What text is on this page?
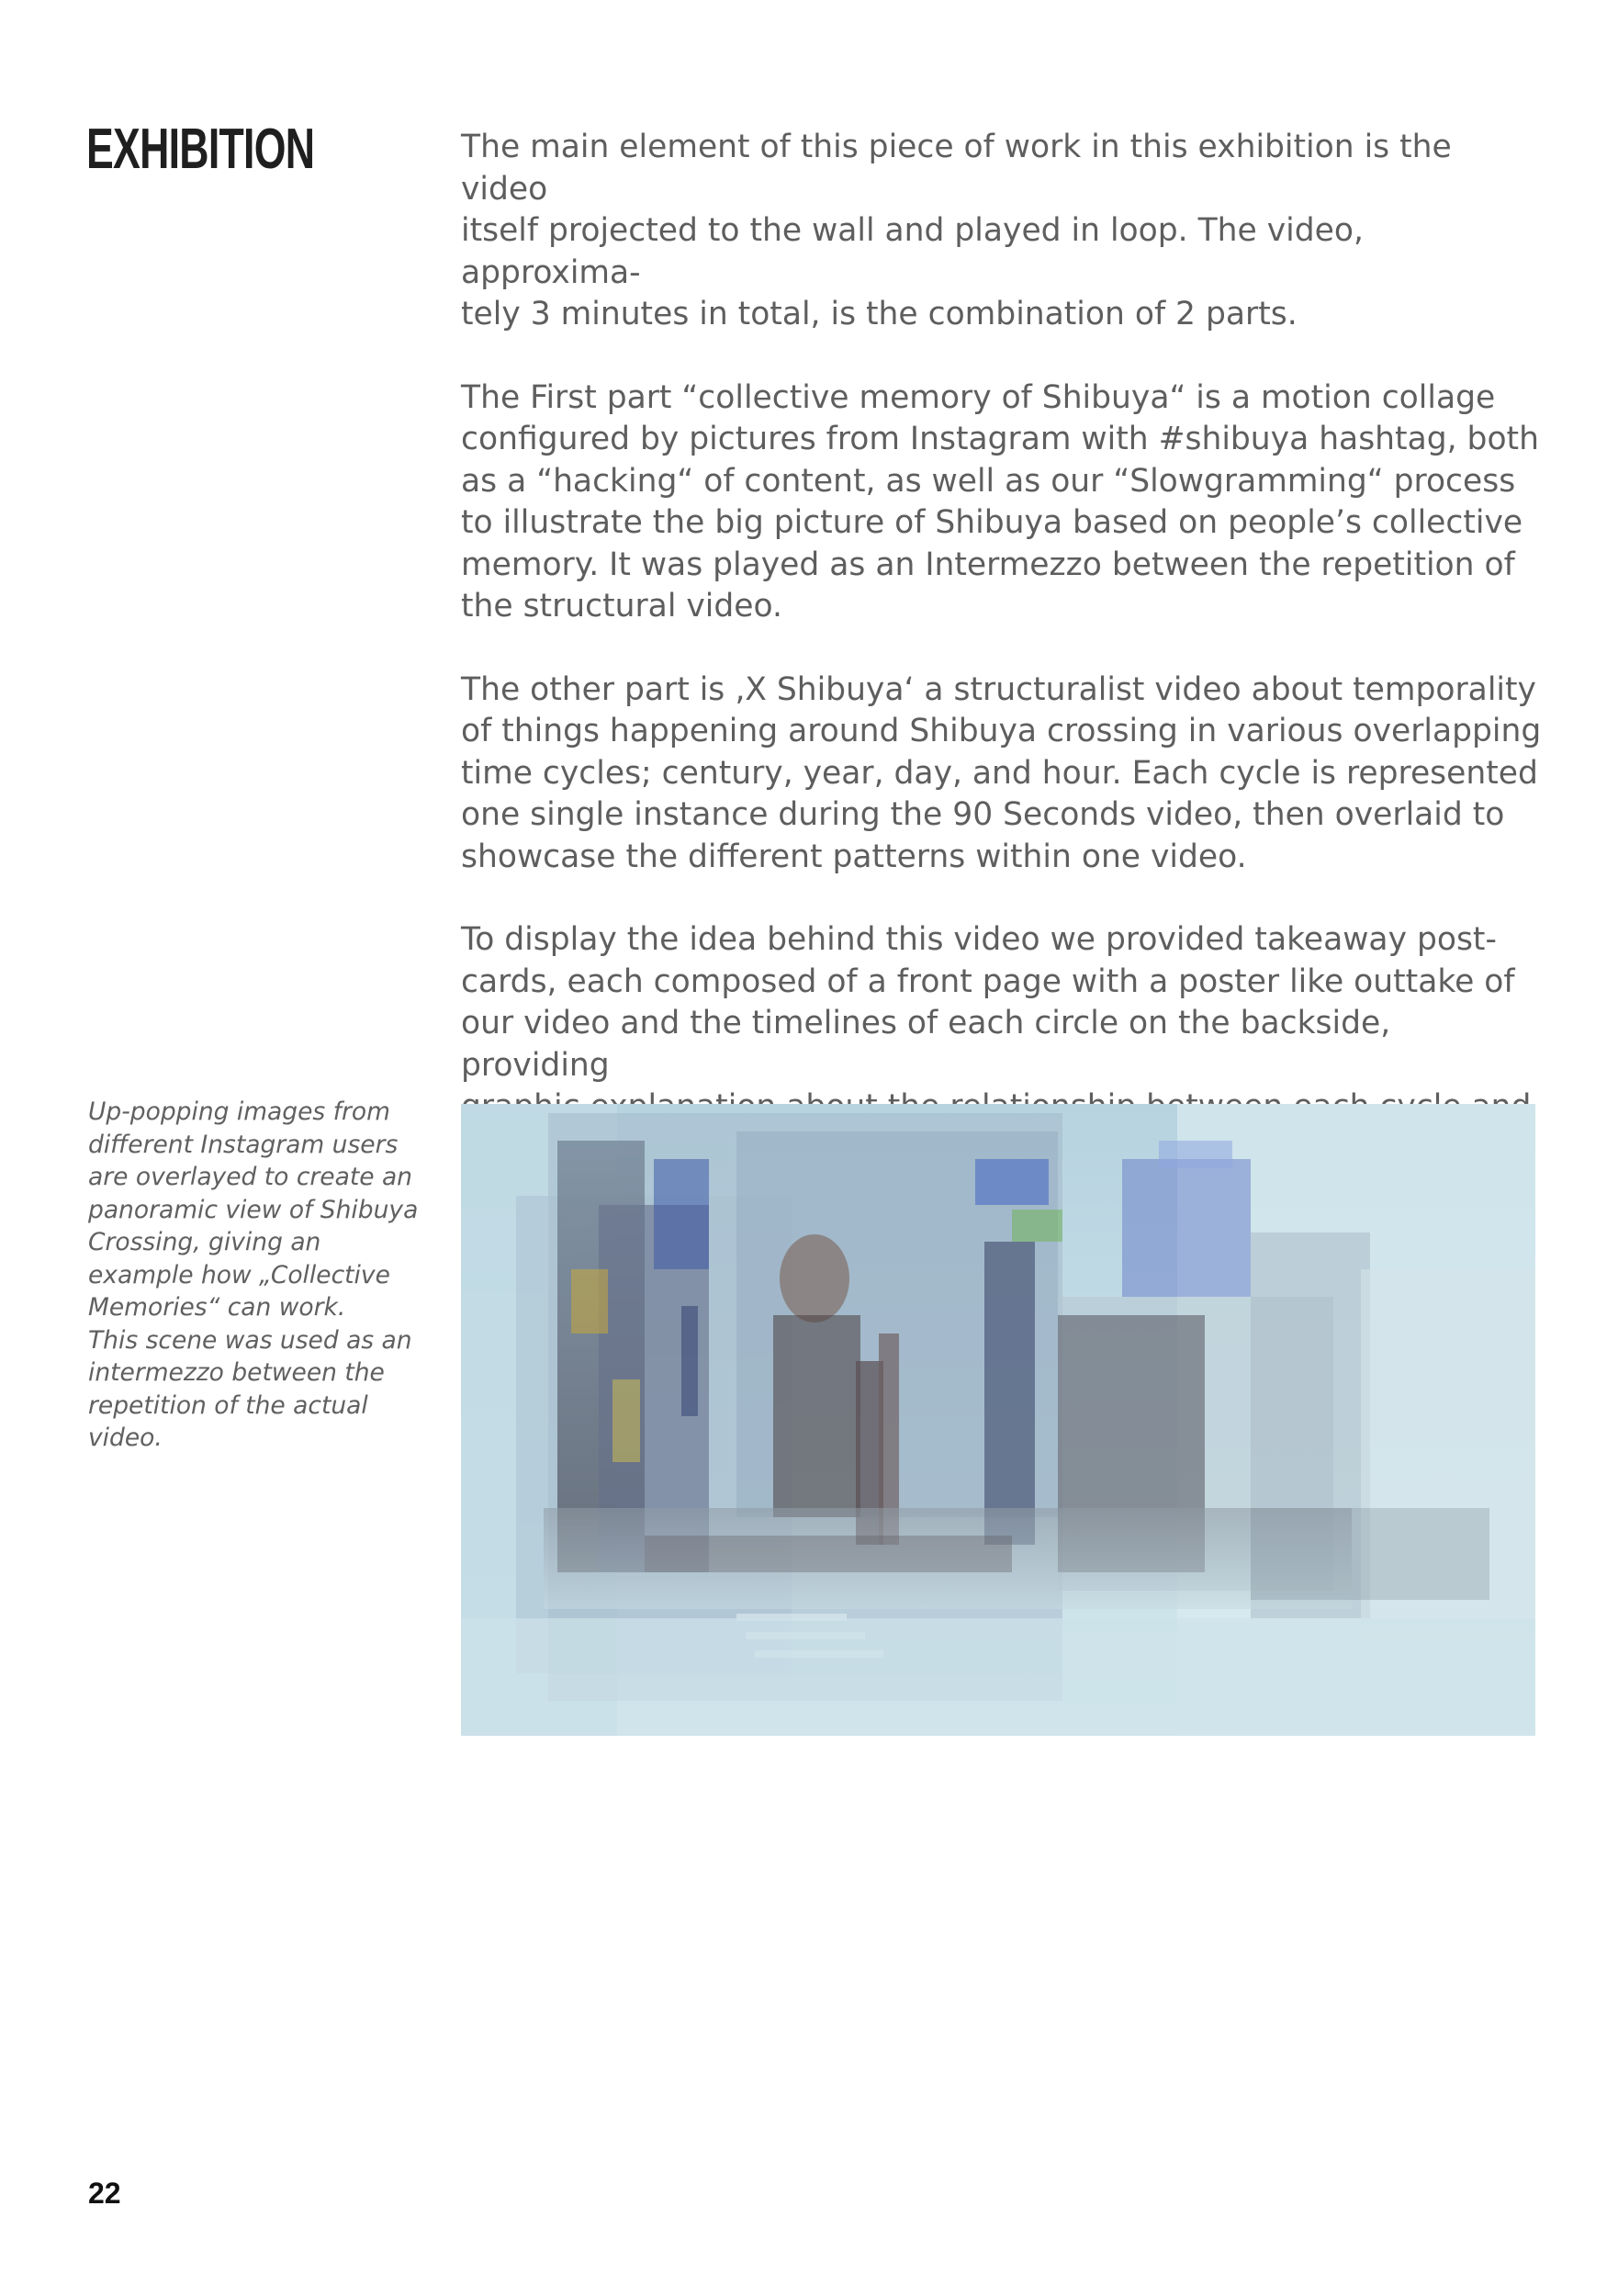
EXHIBITION	The main element of this piece of work in this exhibition is the video
itself projected to the wall and played in loop. The video, approxima-
tely 3 minutes in total, is the combination of 2 parts.

The First part “collective memory of Shibuya“ is a motion collage
configured by pictures from Instagram with #shibuya hashtag, both
as a “hacking“ of content, as well as our “Slowgramming“ process
to illustrate the big picture of Shibuya based on people’s collective
memory. It was played as an Intermezzo between the repetition of
the structural video.

The other part is ‚X Shibuya‘ a structuralist video about temporality
of things happening around Shibuya crossing in various overlapping
time cycles; century, year, day, and hour. Each cycle is represented
one single instance during the 90 Seconds video, then overlaid to
showcase the different patterns within one video.

To display the idea behind this video we provided takeaway post-
cards, each composed of a front page with a poster like outtake of
our video and the timelines of each circle on the backside, providing

Up-popping images from
different Instagram users
are overlayed to create an
panoramic view of Shibuya
Crossing, giving an
example how „Collective
Memories“ can work.
This scene was used as an
intermezzo between the
repetition of the actual
video.

22
